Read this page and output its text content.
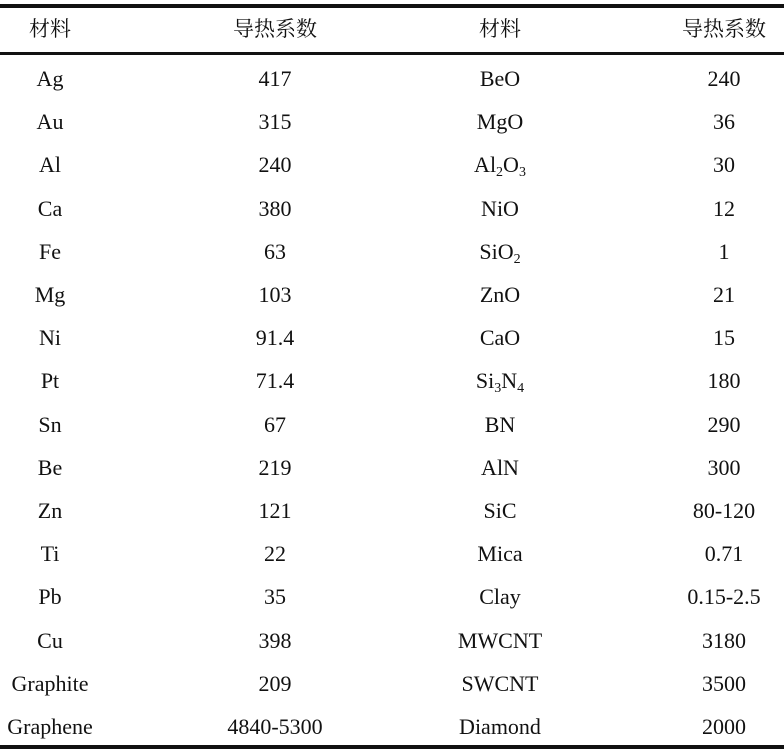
材料	导热系数	材料	导热系数
Ag	417	BeO	240
Au	315	MgO	36
Al	240	$Al_2O_3$	30
Ca	380	NiO	12
Fe	63	SiO$_2$	1
Mg	103	ZnO	21
Ni	91.4	CaO	15
Pt	71.4	$Si_3N_4$	180
Sn	67	BN	290
Be	219	AlN	300
Zn	121	SiC	80-120
Ti	22	Mica	0.71
Pb	35	Clay	0.15-2.5
Cu	398	MWCNT	3180
Graphite	209	SWCNT	3500
Graphene	4840-5300	Diamond	2000
